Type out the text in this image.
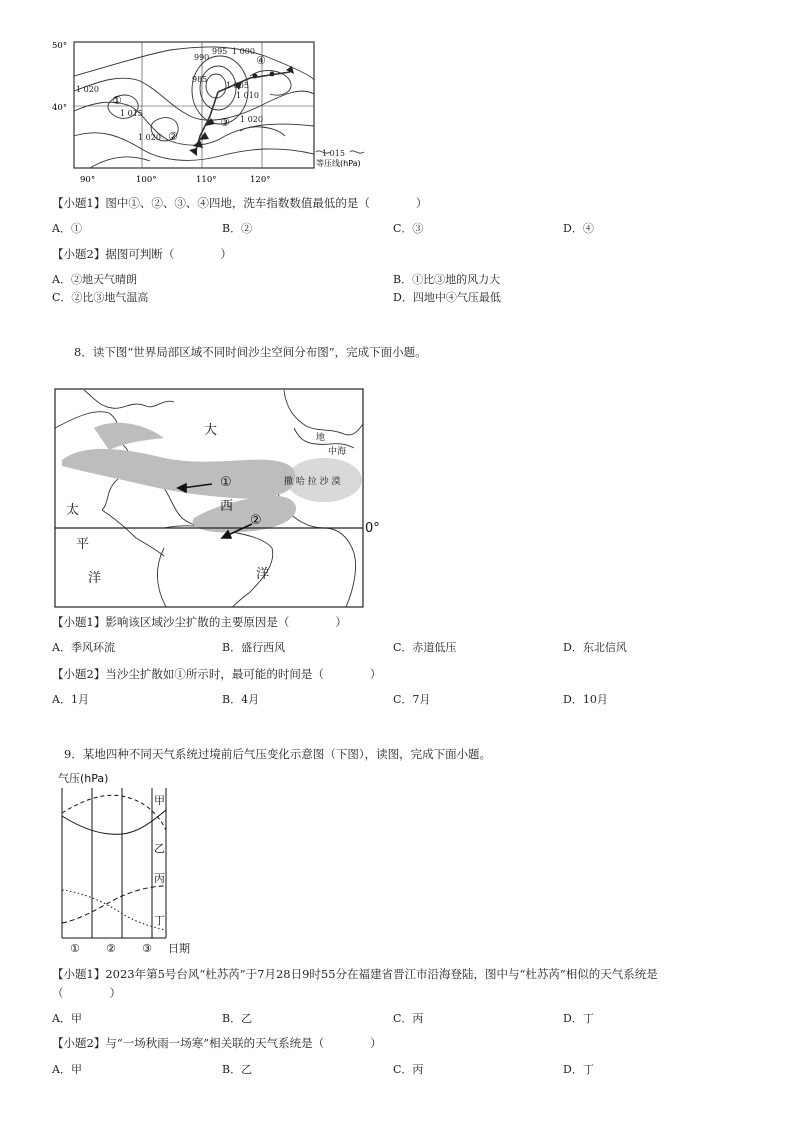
50°
40°
90°	100°	110°	120°
990
995 1 000
985
1 020
1 015
1 005
1 010
1 020
1 020
1 015
①
②
③
④
等压线(hPa)
【小题1】图中①、②、③、④四地，洗车指数数值最低的是（　　　　）
A．①	B．②	C．③	D．④
【小题2】据图可判断（　　　　）
A．②地天气晴朗	B．①比③地的风力大
C．②比③地气温高	D．四地中④气压最低
8．读下图“世界局部区域不同时间沙尘空间分布图”，完成下面小题。
大
西
洋
太
平
洋
①
②
地
中海
撒 哈 拉 沙 漠
0°
【小题1】影响该区域沙尘扩散的主要原因是（　　　　）
A．季风环流	B．盛行西风	C．赤道低压	D．东北信风
【小题2】当沙尘扩散如①所示时，最可能的时间是（　　　　）
A．1月	B．4月	C．7月	D．10月
9．某地四种不同天气系统过境前后气压变化示意图（下图），读图，完成下面小题。
气压(hPa)
甲
乙
丙
丁
① ② ③ 日期
【小题1】2023年第5号台风“杜苏芮”于7月28日9时55分在福建省晋江市沿海登陆，图中与“杜苏芮”相似的天气系统是
（　　　　）
A．甲	B．乙	C．丙	D．丁
【小题2】与“一场秋雨一场寒”相关联的天气系统是（　　　　）
A．甲	B．乙	C．丙	D．丁
